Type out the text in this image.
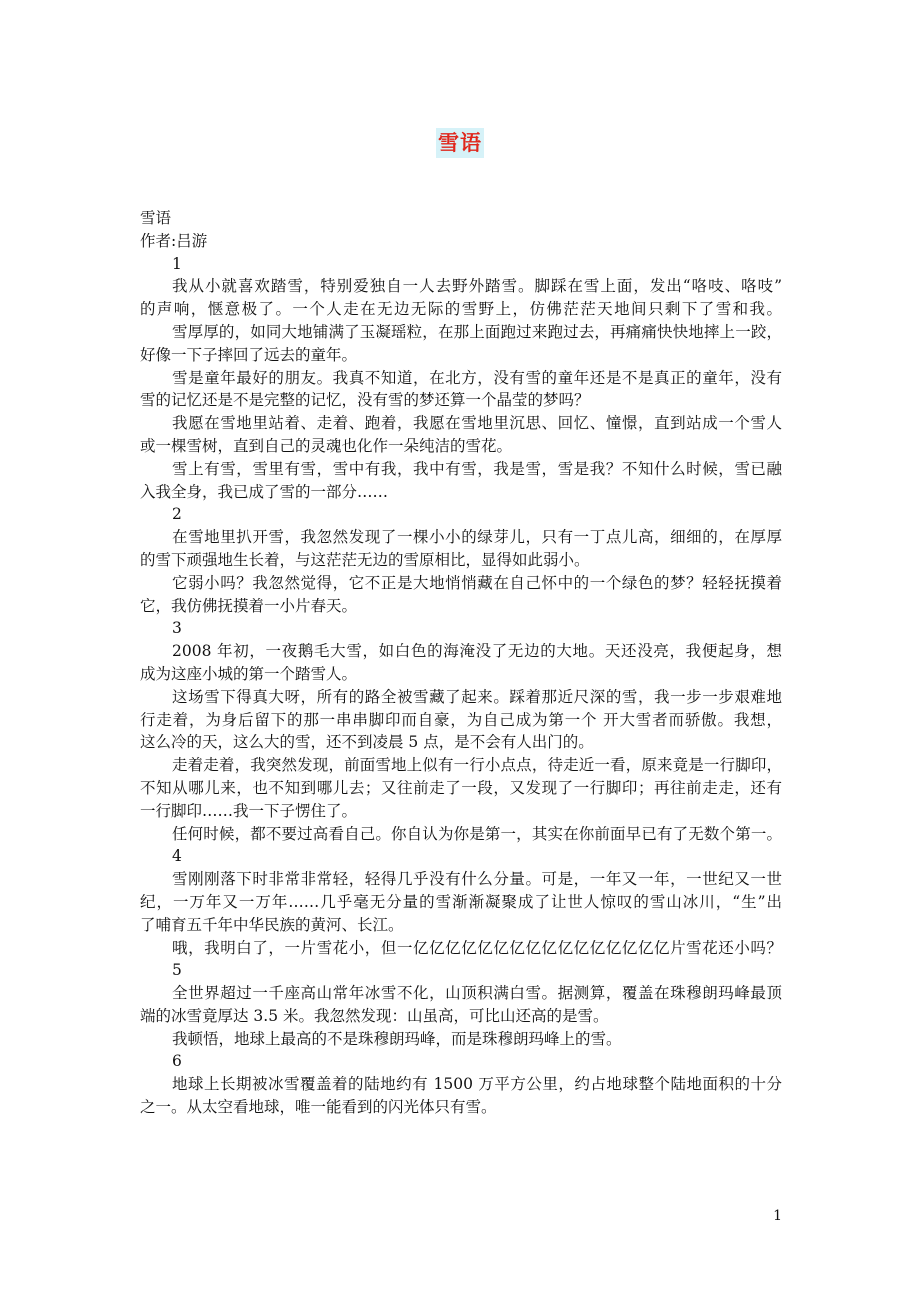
雪语
雪语
作者:吕游
1
我从小就喜欢踏雪，特别爱独自一人去野外踏雪。脚踩在雪上面，发出“咯吱、咯吱”
的声响，惬意极了。一个人走在无边无际的雪野上，仿佛茫茫天地间只剩下了雪和我。
雪厚厚的，如同大地铺满了玉凝瑶粒，在那上面跑过来跑过去，再痛痛快快地摔上一跤，
好像一下子摔回了远去的童年。
雪是童年最好的朋友。我真不知道，在北方，没有雪的童年还是不是真正的童年，没有
雪的记忆还是不是完整的记忆，没有雪的梦还算一个晶莹的梦吗？
我愿在雪地里站着、走着、跑着，我愿在雪地里沉思、回忆、憧憬，直到站成一个雪人
或一棵雪树，直到自己的灵魂也化作一朵纯洁的雪花。
雪上有雪，雪里有雪，雪中有我，我中有雪，我是雪，雪是我？不知什么时候，雪已融
入我全身，我已成了雪的一部分……
2
在雪地里扒开雪，我忽然发现了一棵小小的绿芽儿，只有一丁点儿高，细细的，在厚厚
的雪下顽强地生长着，与这茫茫无边的雪原相比，显得如此弱小。
它弱小吗？我忽然觉得，它不正是大地悄悄藏在自己怀中的一个绿色的梦？轻轻抚摸着
它，我仿佛抚摸着一小片春天。
3
2008 年初，一夜鹅毛大雪，如白色的海淹没了无边的大地。天还没亮，我便起身，想
成为这座小城的第一个踏雪人。
这场雪下得真大呀，所有的路全被雪藏了起来。踩着那近尺深的雪，我一步一步艰难地
行走着，为身后留下的那一串串脚印而自豪，为自己成为第一个 开大雪者而骄傲。我想，
这么冷的天，这么大的雪，还不到凌晨 5 点，是不会有人出门的。
走着走着，我突然发现，前面雪地上似有一行小点点，待走近一看，原来竟是一行脚印，
不知从哪儿来，也不知到哪儿去；又往前走了一段，又发现了一行脚印；再往前走走，还有
一行脚印……我一下子愣住了。
任何时候，都不要过高看自己。你自认为你是第一，其实在你前面早已有了无数个第一。
4
雪刚刚落下时非常非常轻，轻得几乎没有什么分量。可是，一年又一年，一世纪又一世
纪，一万年又一万年……几乎毫无分量的雪渐渐凝聚成了让世人惊叹的雪山冰川，“生”出
了哺育五千年中华民族的黄河、长江。
哦，我明白了，一片雪花小，但一亿亿亿亿亿亿亿亿亿亿亿亿亿亿亿亿片雪花还小吗？
5
全世界超过一千座高山常年冰雪不化，山顶积满白雪。据测算，覆盖在珠穆朗玛峰最顶
端的冰雪竟厚达 3.5 米。我忽然发现：山虽高，可比山还高的是雪。
我顿悟，地球上最高的不是珠穆朗玛峰，而是珠穆朗玛峰上的雪。
6
地球上长期被冰雪覆盖着的陆地约有 1500 万平方公里，约占地球整个陆地面积的十分
之一。从太空看地球，唯一能看到的闪光体只有雪。
1
